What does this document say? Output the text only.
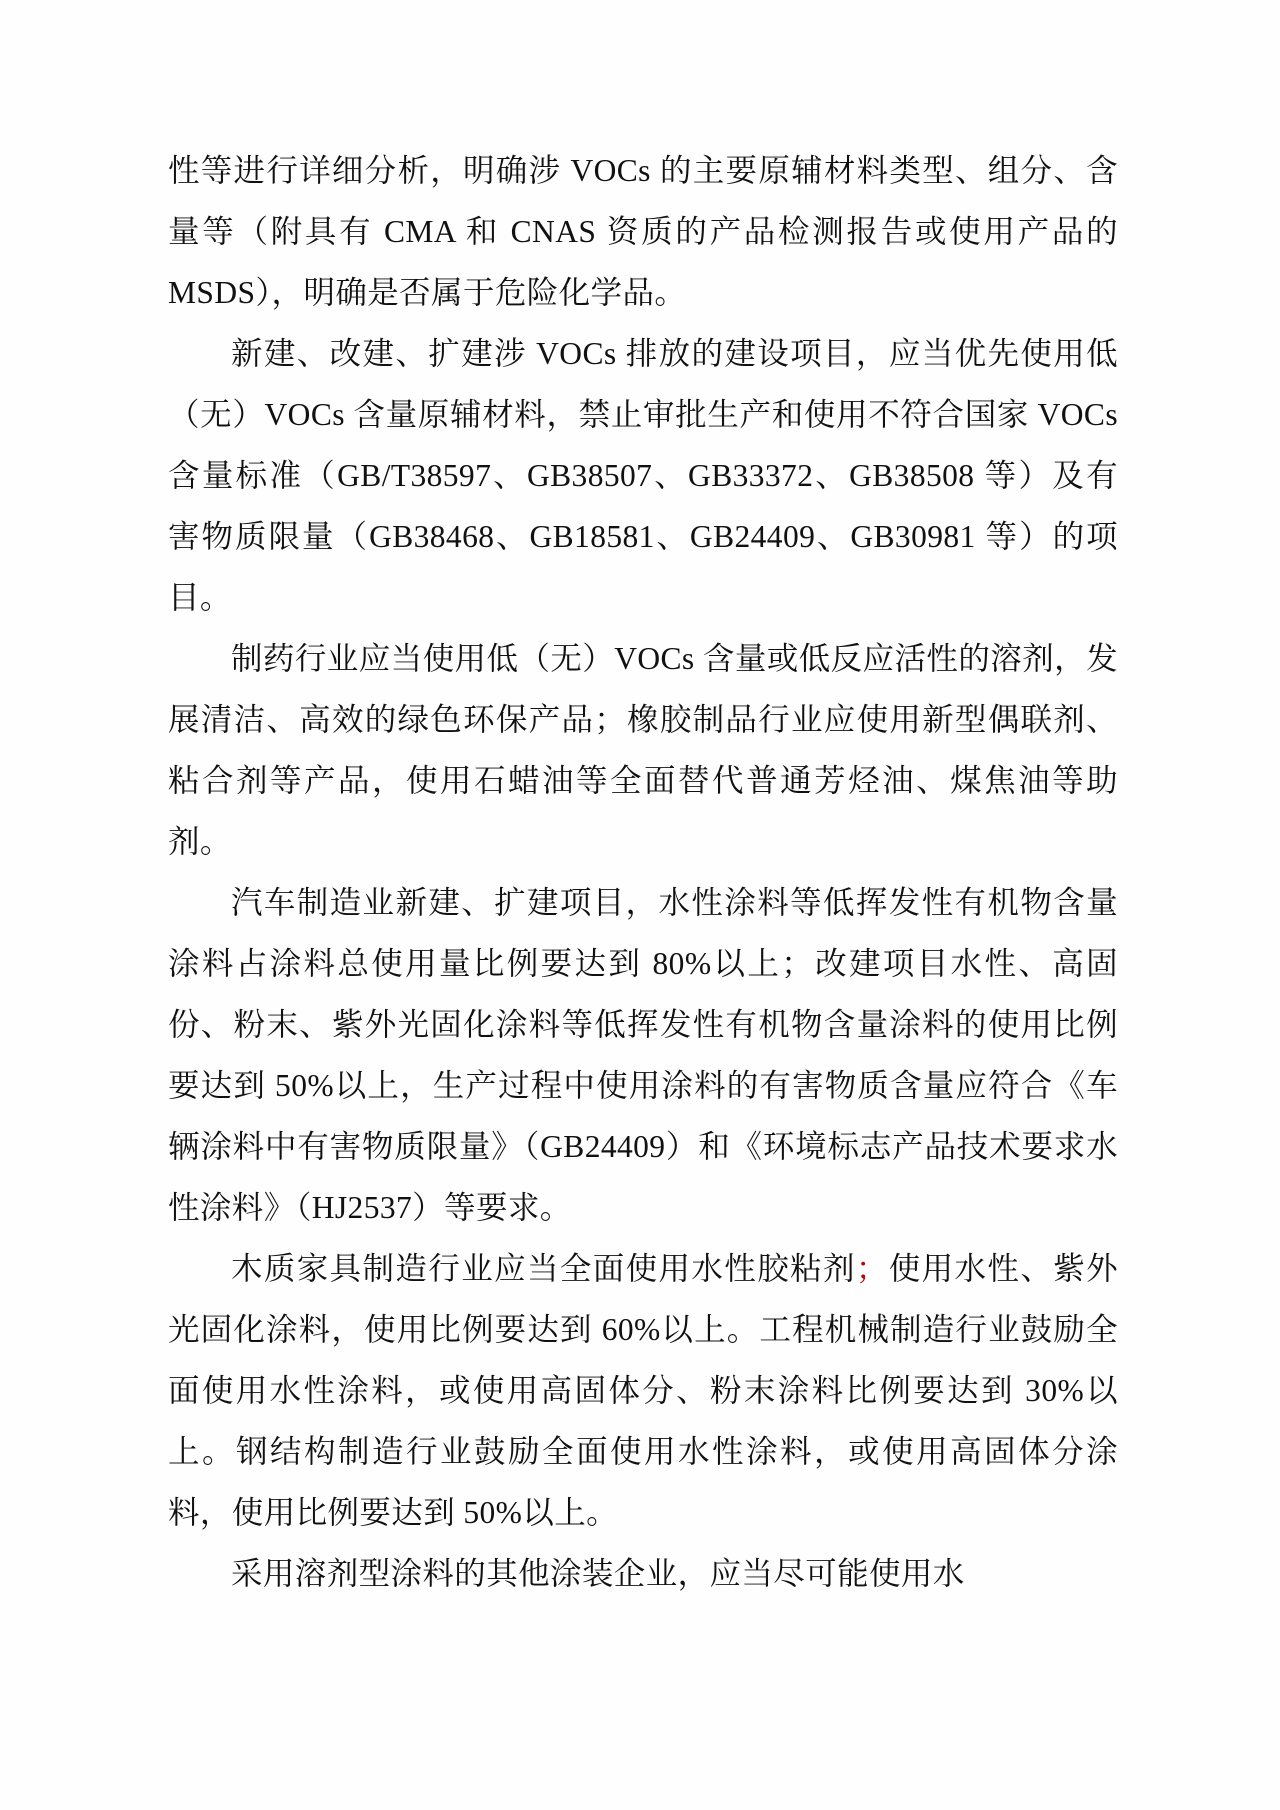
性等进行详细分析，明确涉 VOCs 的主要原辅材料类型、组分、含量等（附具有 CMA 和 CNAS 资质的产品检测报告或使用产品的 MSDS），明确是否属于危险化学品。

新建、改建、扩建涉 VOCs 排放的建设项目，应当优先使用低（无）VOCs 含量原辅材料，禁止审批生产和使用不符合国家 VOCs 含量标准（GB/T38597、GB38507、GB33372、GB38508 等）及有害物质限量（GB38468、GB18581、GB24409、GB30981 等）的项目。

制药行业应当使用低（无）VOCs 含量或低反应活性的溶剂，发展清洁、高效的绿色环保产品；橡胶制品行业应使用新型偶联剂、粘合剂等产品，使用石蜡油等全面替代普通芳烃油、煤焦油等助剂。

汽车制造业新建、扩建项目，水性涂料等低挥发性有机物含量涂料占涂料总使用量比例要达到 80%以上；改建项目水性、高固份、粉末、紫外光固化涂料等低挥发性有机物含量涂料的使用比例要达到 50%以上，生产过程中使用涂料的有害物质含量应符合《车辆涂料中有害物质限量》（GB24409）和《环境标志产品技术要求水性涂料》（HJ2537）等要求。

木质家具制造行业应当全面使用水性胶粘剂；使用水性、紫外光固化涂料，使用比例要达到 60%以上。工程机械制造行业鼓励全面使用水性涂料，或使用高固体分、粉末涂料比例要达到 30%以上。钢结构制造行业鼓励全面使用水性涂料，或使用高固体分涂料，使用比例要达到 50%以上。

采用溶剂型涂料的其他涂装企业，应当尽可能使用水
